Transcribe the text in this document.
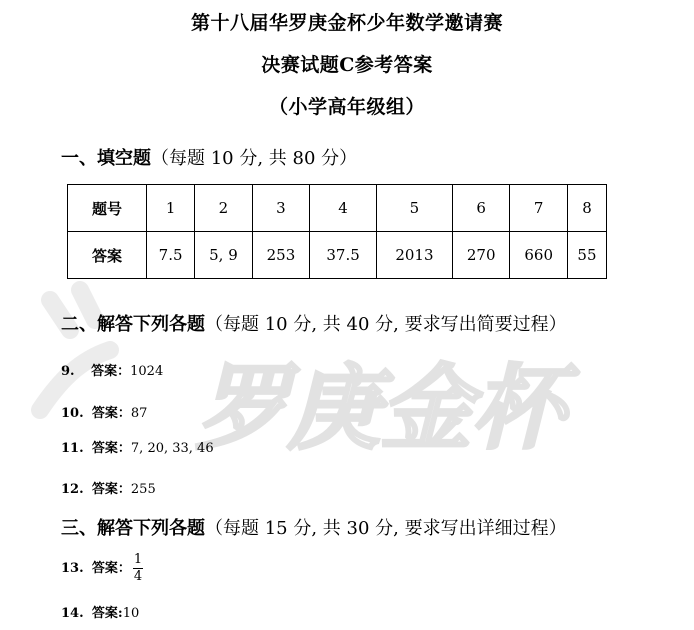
罗庚金杯
第十八届华罗庚金杯少年数学邀请赛
决赛试题C参考答案
（小学高年级组）
一、填空题（每题 10 分, 共 80 分）
题号	1	2	3	4	5	6	7	8
答案	7.5	5, 9	253	37.5	2013	270	660	55
二、解答下列各题（每题 10 分, 共 40 分, 要求写出简要过程）
9. 答案：1024
10. 答案：87
11. 答案：7, 20, 33, 46
12. 答案：255
三、解答下列各题（每题 15 分, 共 30 分, 要求写出详细过程）
13. 答案： $\frac{1}{4}$
14. 答案:10
